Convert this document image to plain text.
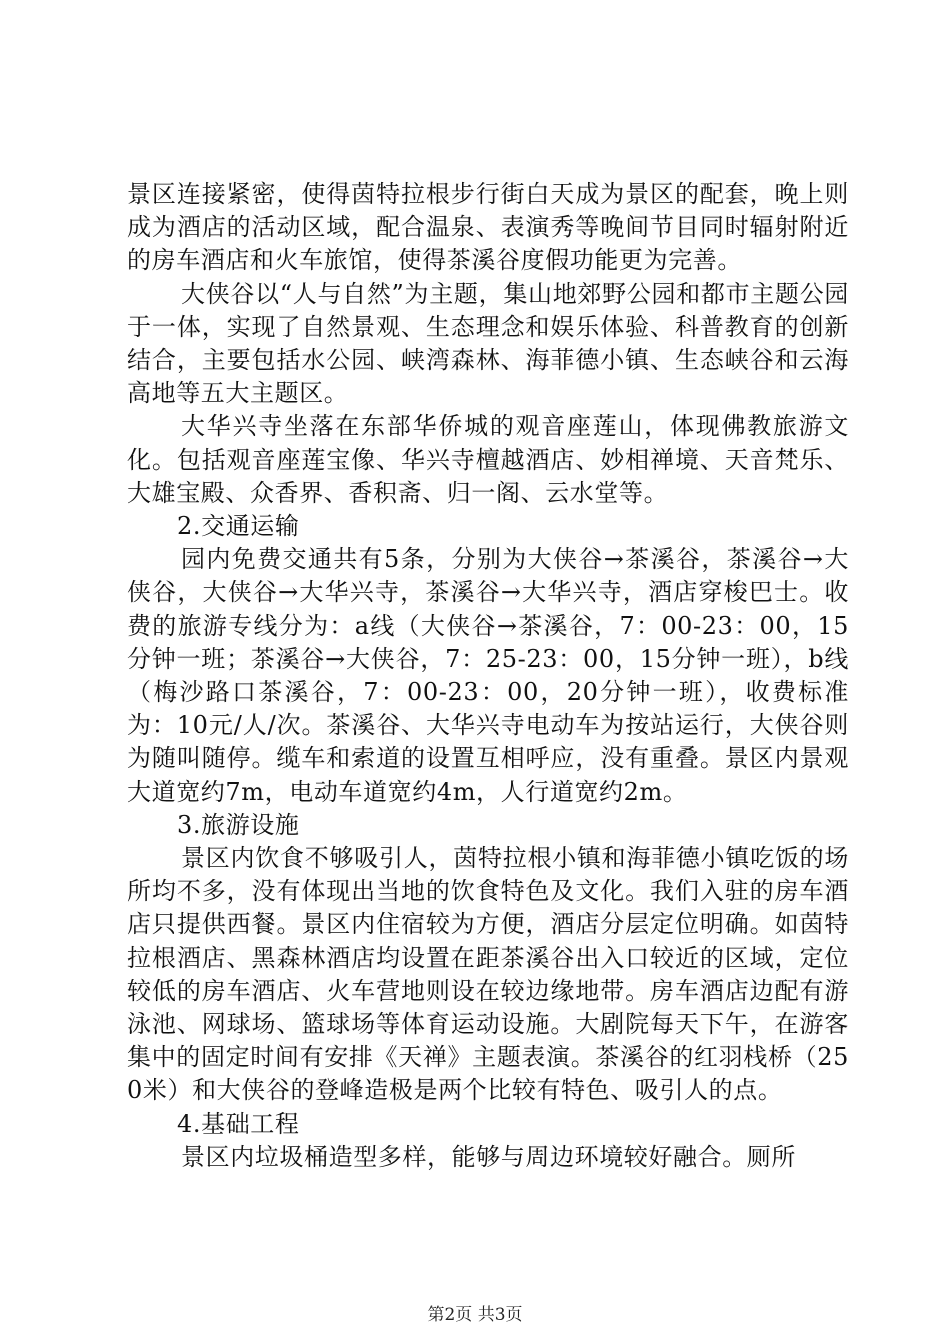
景区连接紧密，使得茵特拉根步行街白天成为景区的配套，晚上则成为酒店的活动区域，配合温泉、表演秀等晚间节目同时辐射附近的房车酒店和火车旅馆，使得茶溪谷度假功能更为完善。

大侠谷以“人与自然”为主题，集山地郊野公园和都市主题公园于一体，实现了自然景观、生态理念和娱乐体验、科普教育的创新结合，主要包括水公园、峡湾森林、海菲德小镇、生态峡谷和云海高地等五大主题区。

大华兴寺坐落在东部华侨城的观音座莲山，体现佛教旅游文化。包括观音座莲宝像、华兴寺檀越酒店、妙相禅境、天音梵乐、大雄宝殿、众香界、香积斋、归一阁、云水堂等。

2.交通运输

园内免费交通共有5条，分别为大侠谷→茶溪谷，茶溪谷→大侠谷，大侠谷→大华兴寺，茶溪谷→大华兴寺，酒店穿梭巴士。收费的旅游专线分为：a线（大侠谷→茶溪谷，7：00-23：00，15分钟一班；茶溪谷→大侠谷，7：25-23：00，15分钟一班），b线（梅沙路口茶溪谷，7：00-23：00，20分钟一班），收费标准为：10元/人/次。茶溪谷、大华兴寺电动车为按站运行，大侠谷则为随叫随停。缆车和索道的设置互相呼应，没有重叠。景区内景观大道宽约7m，电动车道宽约4m，人行道宽约2m。

3.旅游设施

景区内饮食不够吸引人，茵特拉根小镇和海菲德小镇吃饭的场所均不多，没有体现出当地的饮食特色及文化。我们入驻的房车酒店只提供西餐。景区内住宿较为方便，酒店分层定位明确。如茵特拉根酒店、黑森林酒店均设置在距茶溪谷出入口较近的区域，定位较低的房车酒店、火车营地则设在较边缘地带。房车酒店边配有游泳池、网球场、篮球场等体育运动设施。大剧院每天下午，在游客集中的固定时间有安排《天禅》主题表演。茶溪谷的红羽栈桥（250米）和大侠谷的登峰造极是两个比较有特色、吸引人的点。

4.基础工程

景区内垃圾桶造型多样，能够与周边环境较好融合。厕所

第2页 共3页
